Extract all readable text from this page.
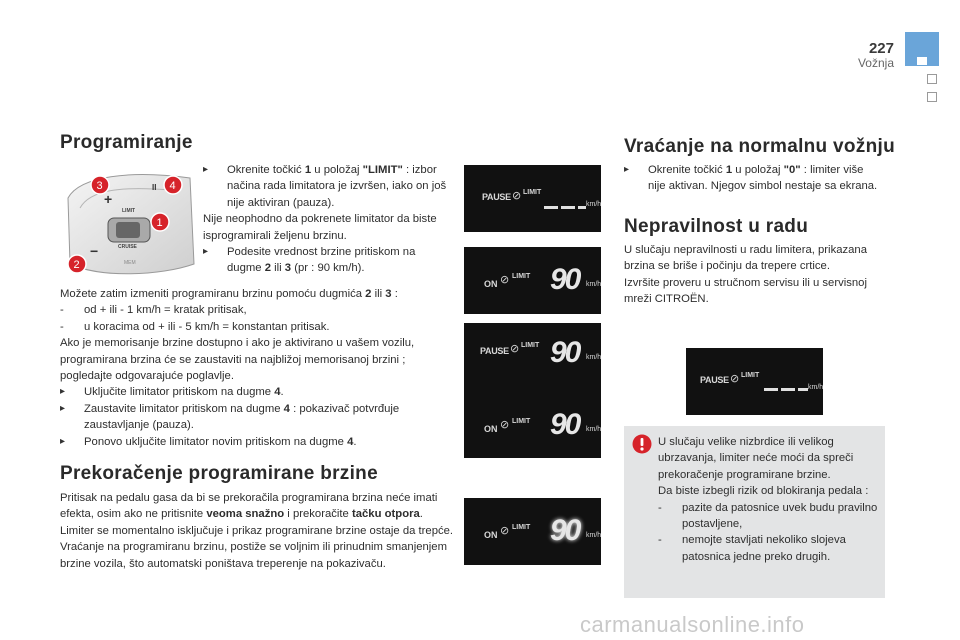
227
Vožnja
Programiranje
LIMIT
CRUISE
MEM
+
−
II
3	4
1
2

▸ Okrenite točkić 1 u položaj "LIMIT" : izbor načina rada limitatora je izvršen, iako on još nije aktiviran (pauza).

Nije neophodno da pokrenete limitator da biste isprogramirali željenu brzinu.

▸ Podesite vrednost brzine pritiskom na dugme 2 ili 3 (pr : 90 km/h).

Možete zatim izmeniti programiranu brzinu pomoću dugmića 2 ili 3 :

- od + ili - 1 km/h = kratak pritisak,

- u koracima od + ili - 5 km/h = konstantan pritisak.

Ako je memorisanje brzine dostupno i ako je aktivirano u vašem vozilu, programirana brzina će se zaustaviti na najbližoj memorisanoj brzini ; pogledajte odgovarajuće poglavlje.

▸ Uključite limitator pritiskom na dugme 4.

▸ Zaustavite limitator pritiskom na dugme 4 : pokazivač potvrđuje zaustavljanje (pauza).

▸ Ponovo uključite limitator novim pritiskom na dugme 4.

Prekoračenje programirane brzine

Pritisak na pedalu gasa da bi se prekoračila programirana brzina neće imati efekta, osim ako ne pritisnite veoma snažno i prekoračite tačku otpora.

Limiter se momentalno isključuje i prikaz programirane brzine ostaje da trepće.

Vraćanje na programiranu brzinu, postiže se voljnim ili prinudnim smanjenjem brzine vozila, što automatski poništava treperenje na pokazivaču.

PAUSE ⊘ LIMIT
km/h
ON ⊘ LIMIT 90 km/h
PAUSE ⊘ LIMIT 90 km/h
ON ⊘ LIMIT 90 km/h
ON ⊘ LIMIT 90 km/h
Vraćanje na normalnu vožnju

▸ Okrenite točkić 1 u položaj "0" : limiter više nije aktivan. Njegov simbol nestaje sa ekrana.

Nepravilnost u radu

U slučaju nepravilnosti u radu limitera, prikazana brzina se briše i počinju da trepere crtice.

Izvršite proveru u stručnom servisu ili u servisnoj mreži CITROËN.

PAUSE ⊘ LIMIT
km/h

U slučaju velike nizbrdice ili velikog ubrzavanja, limiter neće moći da spreči prekoračenje programirane brzine.

Da biste izbegli rizik od blokiranja pedala :

- pazite da patosnice uvek budu pravilno postavljene,

- nemojte stavljati nekoliko slojeva patosnica jedne preko drugih.

carmanualsonline.info
